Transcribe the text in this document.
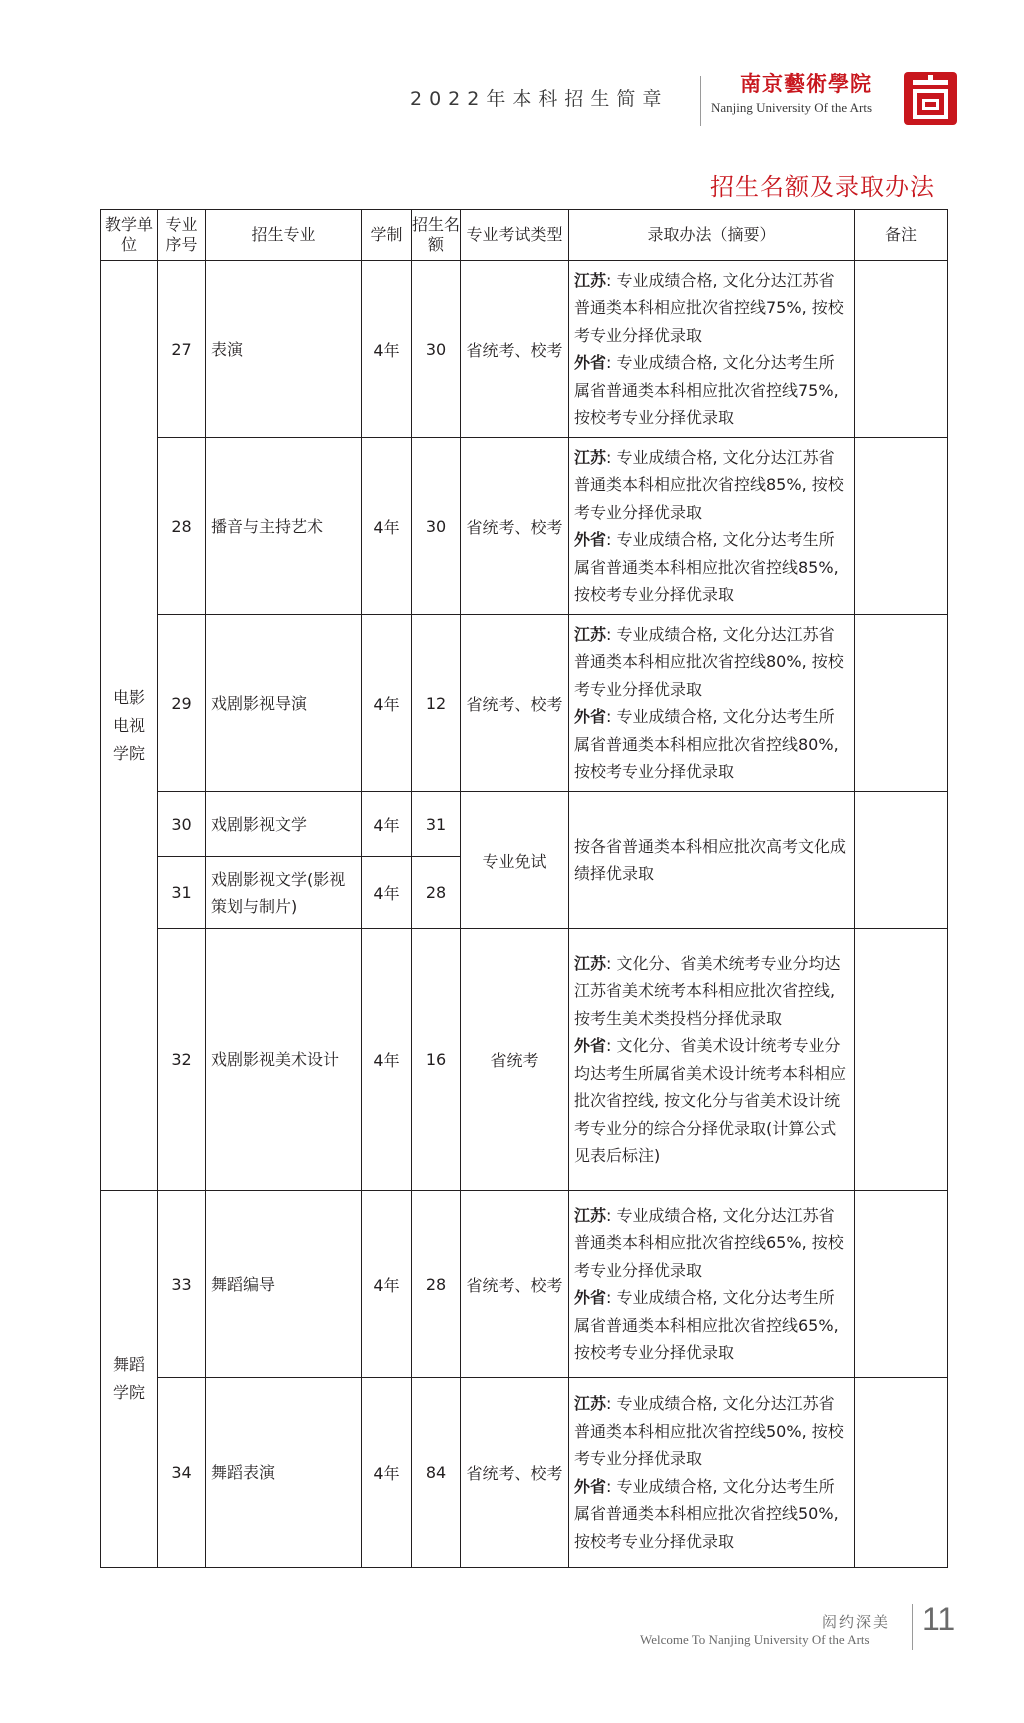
2022年本科招生简章
南京藝術學院
Nanjing University Of the Arts
招生名额及录取办法
教学单位	专业序号	招生专业	学制	招生名额	专业考试类型	录取办法（摘要）	备注

电影电视学院	27	表演	4年	30	省统考、校考	江苏: 专业成绩合格, 文化分达江苏省普通类本科相应批次省控线75%, 按校考专业分择优录取
外省: 专业成绩合格, 文化分达考生所属省普通类本科相应批次省控线75%, 按校考专业分择优录取	
	28	播音与主持艺术	4年	30	省统考、校考	江苏: 专业成绩合格, 文化分达江苏省普通类本科相应批次省控线85%, 按校考专业分择优录取
外省: 专业成绩合格, 文化分达考生所属省普通类本科相应批次省控线85%, 按校考专业分择优录取	
	29	戏剧影视导演	4年	12	省统考、校考	江苏: 专业成绩合格, 文化分达江苏省普通类本科相应批次省控线80%, 按校考专业分择优录取
外省: 专业成绩合格, 文化分达考生所属省普通类本科相应批次省控线80%, 按校考专业分择优录取	
	30	戏剧影视文学	4年	31	专业免试	按各省普通类本科相应批次高考文化成绩择优录取	
	31	戏剧影视文学(影视策划与制片)	4年	28			
	32	戏剧影视美术设计	4年	16	省统考	江苏: 文化分、省美术统考专业分均达江苏省美术统考本科相应批次省控线, 按考生美术类投档分择优录取
外省: 文化分、省美术设计统考专业分均达考生所属省美术设计统考本科相应批次省控线, 按文化分与省美术设计统考专业分的综合分择优录取(计算公式见表后标注)	

舞蹈学院	33	舞蹈编导	4年	28	省统考、校考	江苏: 专业成绩合格, 文化分达江苏省普通类本科相应批次省控线65%, 按校考专业分择优录取
外省: 专业成绩合格, 文化分达考生所属省普通类本科相应批次省控线65%, 按校考专业分择优录取	
	34	舞蹈表演	4年	84	省统考、校考	江苏: 专业成绩合格, 文化分达江苏省普通类本科相应批次省控线50%, 按校考专业分择优录取
外省: 专业成绩合格, 文化分达考生所属省普通类本科相应批次省控线50%, 按校考专业分择优录取	
闳约深美
Welcome To Nanjing University Of the Arts
11
